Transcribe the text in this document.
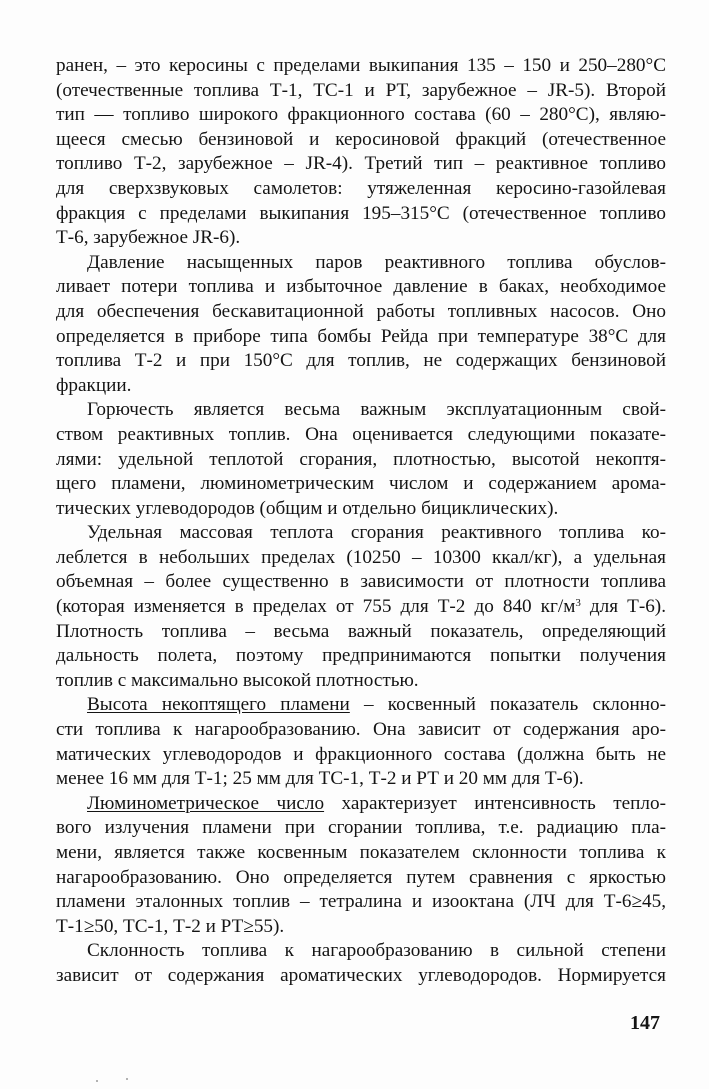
ранен, – это керосины с пределами выкипания 135 – 150 и 250–280°C
(отечественные топлива Т-1, ТС-1 и РТ, зарубежное – JR-5). Второй
тип — топливо широкого фракционного состава (60 – 280°C), являю-
щееся смесью бензиновой и керосиновой фракций (отечественное
топливо Т-2, зарубежное – JR-4). Третий тип – реактивное топливо
для сверхзвуковых самолетов: утяжеленная керосино-газойлевая
фракция с пределами выкипания 195–315°C (отечественное топливо
Т-6, зарубежное JR-6).

Давление насыщенных паров реактивного топлива обуслов-
ливает потери топлива и избыточное давление в баках, необходимое
для обеспечения бескавитационной работы топливных насосов. Оно
определяется в приборе типа бомбы Рейда при температуре 38°C для
топлива Т-2 и при 150°C для топлив, не содержащих бензиновой
фракции.

Горючесть является весьма важным эксплуатационным свой-
ством реактивных топлив. Она оценивается следующими показате-
лями: удельной теплотой сгорания, плотностью, высотой некоптя-
щего пламени, люминометрическим числом и содержанием арома-
тических углеводородов (общим и отдельно бициклических).

Удельная массовая теплота сгорания реактивного топлива ко-
леблется в небольших пределах (10250 – 10300 ккал/кг), а удельная
объемная – более существенно в зависимости от плотности топлива
(которая изменяется в пределах от 755 для Т-2 до 840 $кг/м^3$ для Т-6).
Плотность топлива – весьма важный показатель, определяющий
дальность полета, поэтому предпринимаются попытки получения
топлив с максимально высокой плотностью.

Высота некоптящего пламени – косвенный показатель склонно-
сти топлива к нагарообразованию. Она зависит от содержания аро-
матических углеводородов и фракционного состава (должна быть не
менее 16 мм для Т-1; 25 мм для ТС-1, Т-2 и РТ и 20 мм для Т-6).

Люминометрическое число характеризует интенсивность тепло-
вого излучения пламени при сгорании топлива, т.е. радиацию пла-
мени, является также косвенным показателем склонности топлива к
нагарообразованию. Оно определяется путем сравнения с яркостью
пламени эталонных топлив – тетралина и изооктана (ЛЧ для Т-6≥45,
Т-1≥50, ТС-1, Т-2 и РТ≥55).

Склонность топлива к нагарообразованию в сильной степени
зависит от содержания ароматических углеводородов. Нормируется

147
